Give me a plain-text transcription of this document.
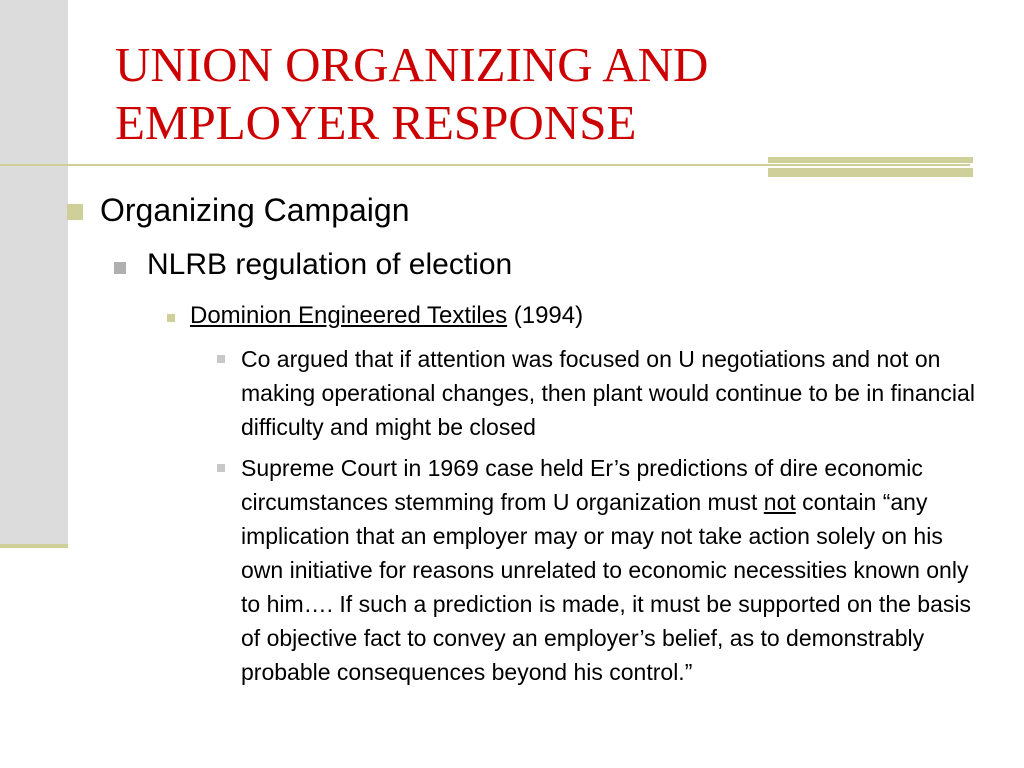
UNION ORGANIZING AND
EMPLOYER RESPONSE
Organizing Campaign
NLRB regulation of election
Dominion Engineered Textiles (1994)
Co argued that if attention was focused on U negotiations and not on making operational changes, then plant would continue to be in financial difficulty and might be closed
Supreme Court in 1969 case held Er’s predictions of dire economic circumstances stemming from U organization must not contain “any implication that an employer may or may not take action solely on his own initiative for reasons unrelated to economic necessities known only to him…. If such a prediction is made, it must be supported on the basis of objective fact to convey an employer’s belief, as to demonstrably probable consequences beyond his control.”
